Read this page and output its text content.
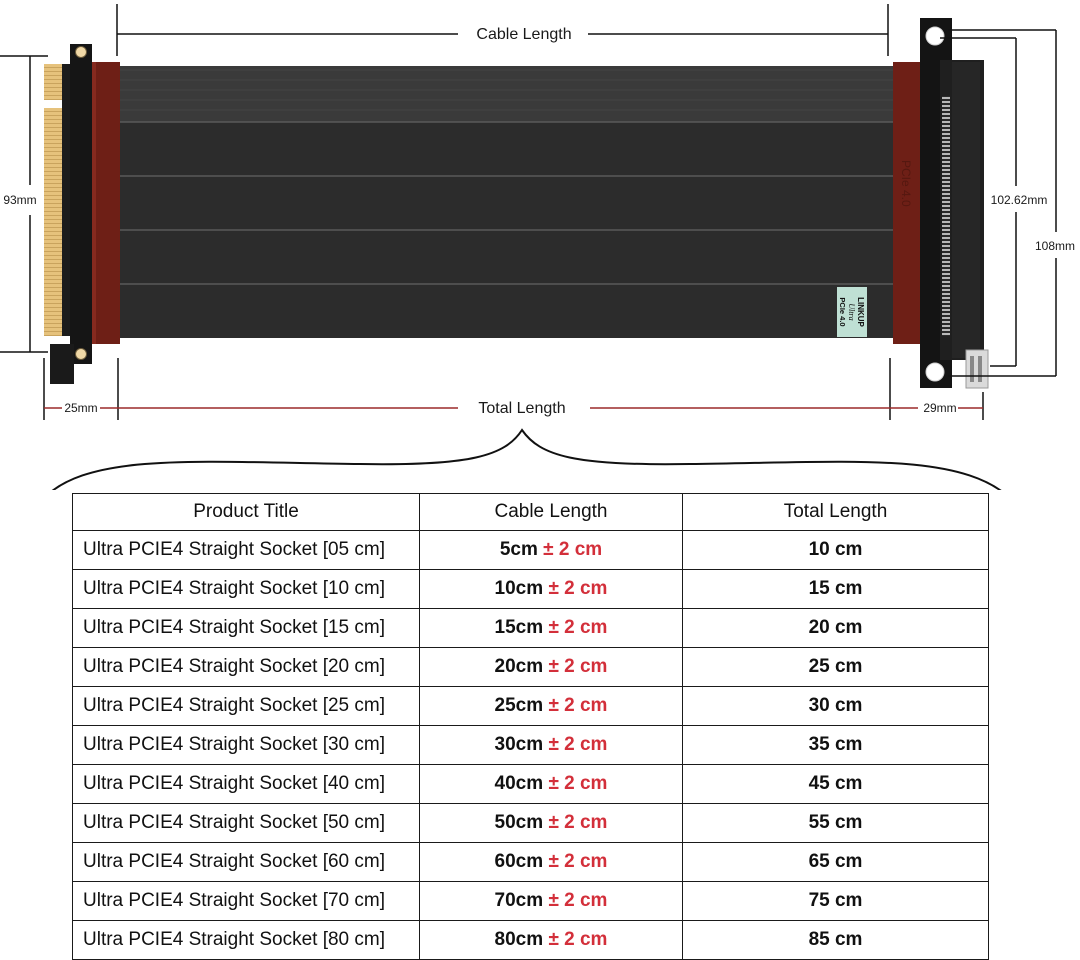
Cable Length
93mm
LINKUP
Ultra
PCIe 4.0
PCIe 4.0	102.62mm
108mm
25mm	29mm
Total Length
Product Title	Cable Length	Total Length
Ultra PCIE4 Straight Socket [05 cm]	5cm ± 2 cm	10 cm
Ultra PCIE4 Straight Socket [10 cm]	10cm ± 2 cm	15 cm
Ultra PCIE4 Straight Socket [15 cm]	15cm ± 2 cm	20 cm
Ultra PCIE4 Straight Socket [20 cm]	20cm ± 2 cm	25 cm
Ultra PCIE4 Straight Socket [25 cm]	25cm ± 2 cm	30 cm
Ultra PCIE4 Straight Socket [30 cm]	30cm ± 2 cm	35 cm
Ultra PCIE4 Straight Socket [40 cm]	40cm ± 2 cm	45 cm
Ultra PCIE4 Straight Socket [50 cm]	50cm ± 2 cm	55 cm
Ultra PCIE4 Straight Socket [60 cm]	60cm ± 2 cm	65 cm
Ultra PCIE4 Straight Socket [70 cm]	70cm ± 2 cm	75 cm
Ultra PCIE4 Straight Socket [80 cm]	80cm ± 2 cm	85 cm
